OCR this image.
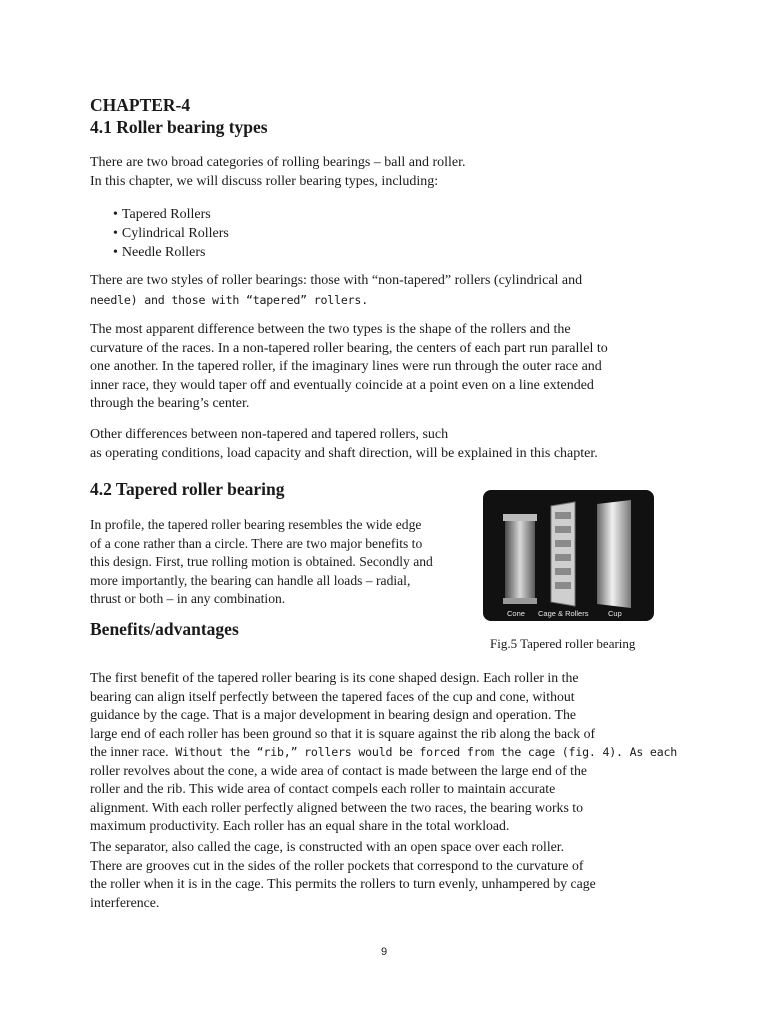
CHAPTER-4
4.1 Roller bearing types

There are two broad categories of rolling bearings – ball and roller.
In this chapter, we will discuss roller bearing types, including:

• Tapered Rollers
• Cylindrical Rollers
• Needle Rollers

There are two styles of roller bearings: those with “non-tapered” rollers (cylindrical and
needle) and those with “tapered” rollers.

The most apparent difference between the two types is the shape of the rollers and the
curvature of the races. In a non-tapered roller bearing, the centers of each part run parallel to
one another. In the tapered roller, if the imaginary lines were run through the outer race and
inner race, they would taper off and eventually coincide at a point even on a line extended
through the bearing’s center.

Other differences between non-tapered and tapered rollers, such
as operating conditions, load capacity and shaft direction, will be explained in this chapter.

4.2 Tapered roller bearing

In profile, the tapered roller bearing resembles the wide edge
of a cone rather than a circle. There are two major benefits to
this design. First, true rolling motion is obtained. Secondly and
more importantly, the bearing can handle all loads – radial,
thrust or both – in any combination.

Cone Cage & Rollers	Cup
Benefits/advantages

Fig.5 Tapered roller bearing

The first benefit of the tapered roller bearing is its cone shaped design. Each roller in the
bearing can align itself perfectly between the tapered faces of the cup and cone, without
guidance by the cage. That is a major development in bearing design and operation. The
large end of each roller has been ground so that it is square against the rib along the back of
the inner race. Without the “rib,” rollers would be forced from the cage (fig. 4). As each
roller revolves about the cone, a wide area of contact is made between the large end of the
roller and the rib. This wide area of contact compels each roller to maintain accurate
alignment. With each roller perfectly aligned between the two races, the bearing works to
maximum productivity. Each roller has an equal share in the total workload.

The separator, also called the cage, is constructed with an open space over each roller.
There are grooves cut in the sides of the roller pockets that correspond to the curvature of
the roller when it is in the cage. This permits the rollers to turn evenly, unhampered by cage
interference.

9
